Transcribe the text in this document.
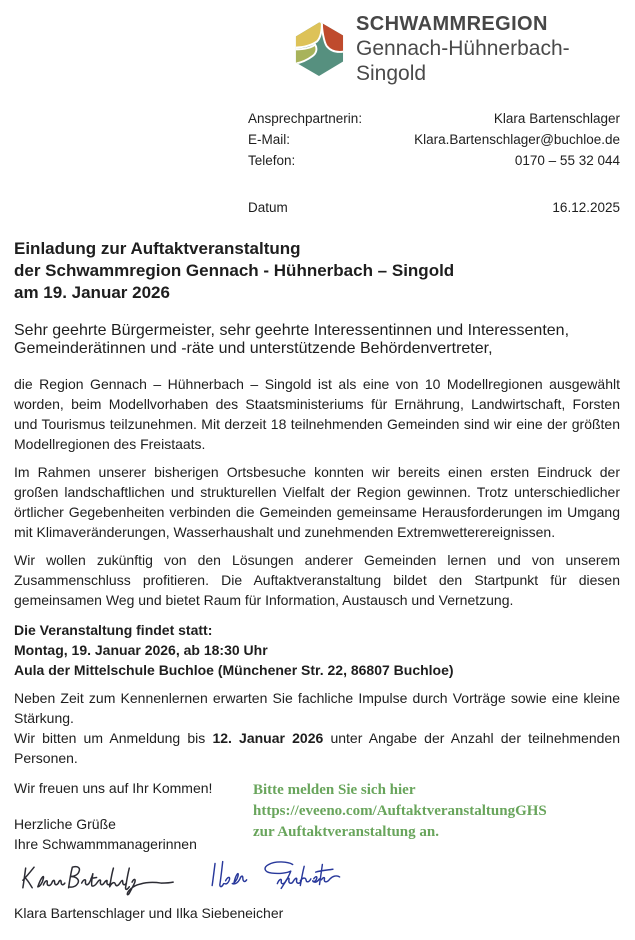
SCHWAMMREGION
Gennach-Hühnerbach-Singold
Ansprechpartnerin:	Klara Bartenschlager
E-Mail:	Klara.Bartenschlager@buchloe.de
Telefon:	0170 – 55 32 044
Datum	16.12.2025
Einladung zur Auftaktveranstaltung
der Schwammregion Gennach - Hühnerbach – Singold
am 19. Januar 2026

Sehr geehrte Bürgermeister, sehr geehrte Interessentinnen und Interessenten,
Gemeinderätinnen und -räte und unterstützende Behördenvertreter,

die Region Gennach – Hühnerbach – Singold ist als eine von 10 Modellregionen ausgewählt worden, beim Modellvorhaben des Staatsministeriums für Ernährung, Landwirtschaft, Forsten und Tourismus teilzunehmen. Mit derzeit 18 teilnehmenden Gemeinden sind wir eine der größten Modellregionen des Freistaats.

Im Rahmen unserer bisherigen Ortsbesuche konnten wir bereits einen ersten Eindruck der großen landschaftlichen und strukturellen Vielfalt der Region gewinnen. Trotz unterschiedlicher örtlicher Gegebenheiten verbinden die Gemeinden gemeinsame Herausforderungen im Umgang mit Klimaveränderungen, Wasserhaushalt und zunehmenden Extremwetterereignissen.

Wir wollen zukünftig von den Lösungen anderer Gemeinden lernen und von unserem Zusammenschluss profitieren. Die Auftaktveranstaltung bildet den Startpunkt für diesen gemeinsamen Weg und bietet Raum für Information, Austausch und Vernetzung.

Die Veranstaltung findet statt:
Montag, 19. Januar 2026, ab 18:30 Uhr
Aula der Mittelschule Buchloe (Münchener Str. 22, 86807 Buchloe)

Neben Zeit zum Kennenlernen erwarten Sie fachliche Impulse durch Vorträge sowie eine kleine Stärkung.

Wir bitten um Anmeldung bis 12. Januar 2026 unter Angabe der Anzahl der teilnehmenden Personen.

Wir freuen uns auf Ihr Kommen!	Bitte melden Sie sich hier
https://eveeno.com/AuftaktveranstaltungGHS
zur Auftaktveranstaltung an.
Herzliche Grüße
Ihre Schwammmanagerinnen
Klara Bartenschlager und Ilka Siebeneicher
